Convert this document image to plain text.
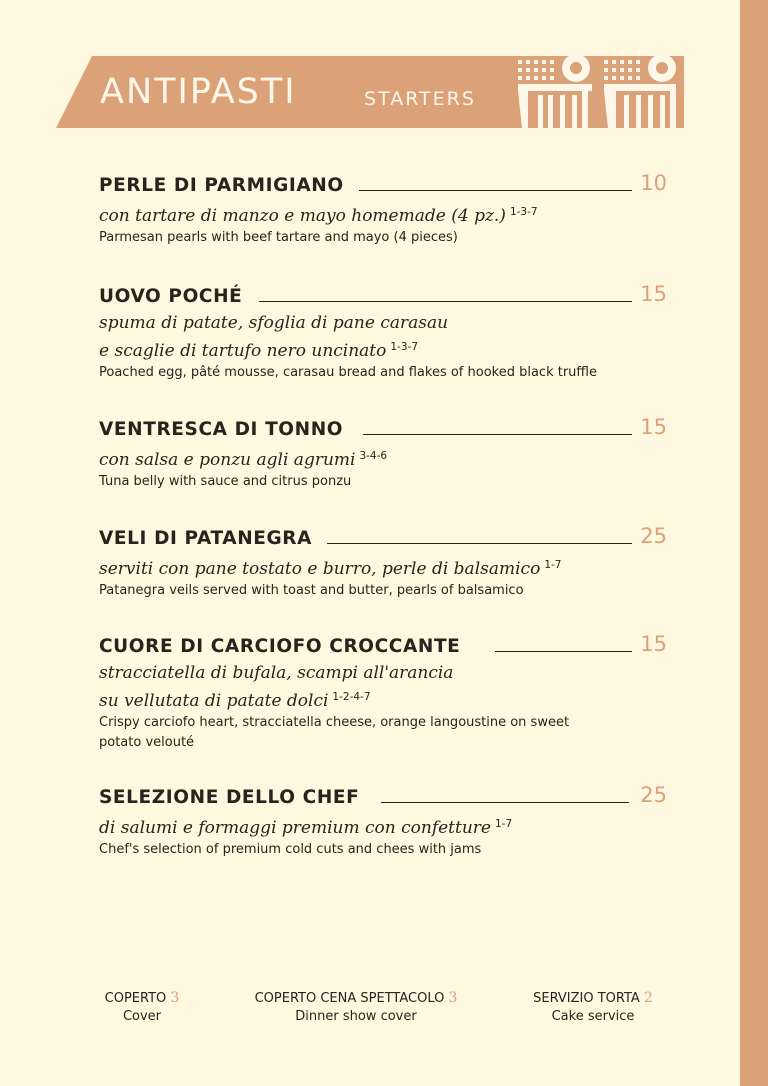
ANTIPASTI	STARTERS
PERLE DI PARMIGIANO	10
con tartare di manzo e mayo homemade (4 pz.) $^{1-3-7}$
Parmesan pearls with beef tartare and mayo (4 pieces)
UOVO POCHÉ	15
spuma di patate, sfoglia di pane carasau
e scaglie di tartufo nero uncinato $^{1-3-7}$
Poached egg, pâté mousse, carasau bread and flakes of hooked black truffle
VENTRESCA DI TONNO	15
con salsa e ponzu agli agrumi $^{3-4-6}$
Tuna belly with sauce and citrus ponzu
VELI DI PATANEGRA	25
serviti con pane tostato e burro, perle di balsamico $^{1-7}$
Patanegra veils served with toast and butter, pearls of balsamico
CUORE DI CARCIOFO CROCCANTE	15
stracciatella di bufala, scampi all'arancia
su vellutata di patate dolci $^{1-2-4-7}$
Crispy carciofo heart, stracciatella cheese, orange langoustine on sweet
potato velouté
SELEZIONE DELLO CHEF	25
di salumi e formaggi premium con confetture $^{1-7}$
Chef's selection of premium cold cuts and chees with jams
COPERTO 3
Cover
COPERTO CENA SPETTACOLO 3
Dinner show cover
SERVIZIO TORTA 2
Cake service
